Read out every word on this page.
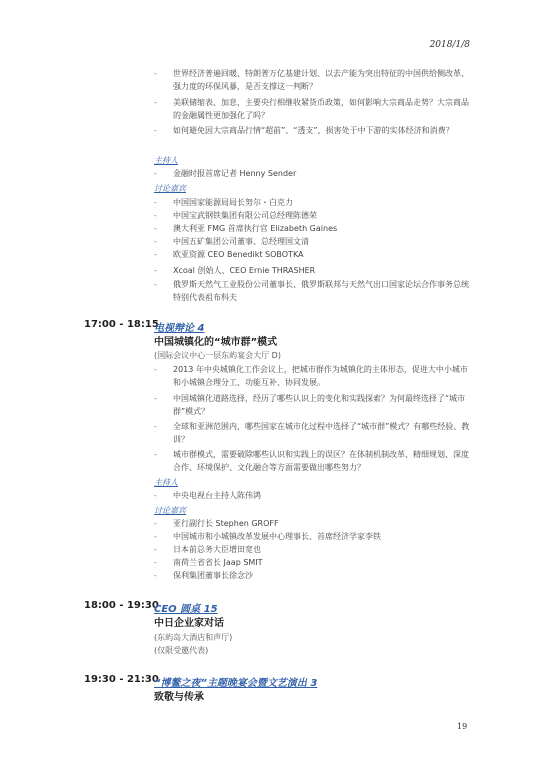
2018/1/8
- 世界经济普遍回暖、特朗普万亿基建计划、以去产能为突出特征的中国供给侧改革、强力度的环保风暴，是否支撑这一判断？
- 美联储缩表、加息，主要央行相继收紧货币政策，如何影响大宗商品走势？大宗商品的金融属性更加强化了吗？
- 如何避免因大宗商品行情“超前”、“透支”，损害处于中下游的实体经济和消费？
主持人
- 金融时报首席记者 Henny Sender
讨论嘉宾
- 中国国家能源局局长努尔・白克力
- 中国宝武钢铁集团有限公司总经理陈德荣
- 澳大利亚 FMG 首席执行官 Elizabeth Gaines
- 中国五矿集团公司董事、总经理国文清
- 欧亚资源 CEO Benedikt SOBOTKA
- Xcoal 创始人、CEO Ernie THRASHER
- 俄罗斯天然气工业股份公司董事长、俄罗斯联邦与天然气出口国家论坛合作事务总统特别代表祖布科夫
17:00 - 18:15
电视辩论 4
中国城镇化的“城市群”模式
(国际会议中心一层东屿宴会大厅 D)
- 2013 年中央城镇化工作会议上，把城市群作为城镇化的主体形态，促进大中小城市和小城镇合理分工、功能互补、协同发展。
- 中国城镇化道路选择，经历了哪些认识上的变化和实践探索？为何最终选择了“城市群”模式？
- 全球和亚洲范围内，哪些国家在城市化过程中选择了“城市群”模式？有哪些经验、教训？
- 城市群模式，需要破除哪些认识和实践上的误区？在体制机制改革、精细规划、深度合作、环境保护、文化融合等方面需要做出哪些努力？
主持人
- 中央电视台主持人陈伟鸿
讨论嘉宾
- 亚行副行长 Stephen GROFF
- 中国城市和小城镇改革发展中心理事长、首席经济学家李铁
- 日本前总务大臣增田宽也
- 南荷兰省省长 Jaap SMIT
- 保利集团董事长徐念沙
18:00 - 19:30
CEO 圆桌 15
中日企业家对话
(东屿岛大酒店和声厅)
(仅限受邀代表)
19:30 - 21:30
“博鳌之夜”主题晚宴会暨文艺演出 3
致敬与传承
19
